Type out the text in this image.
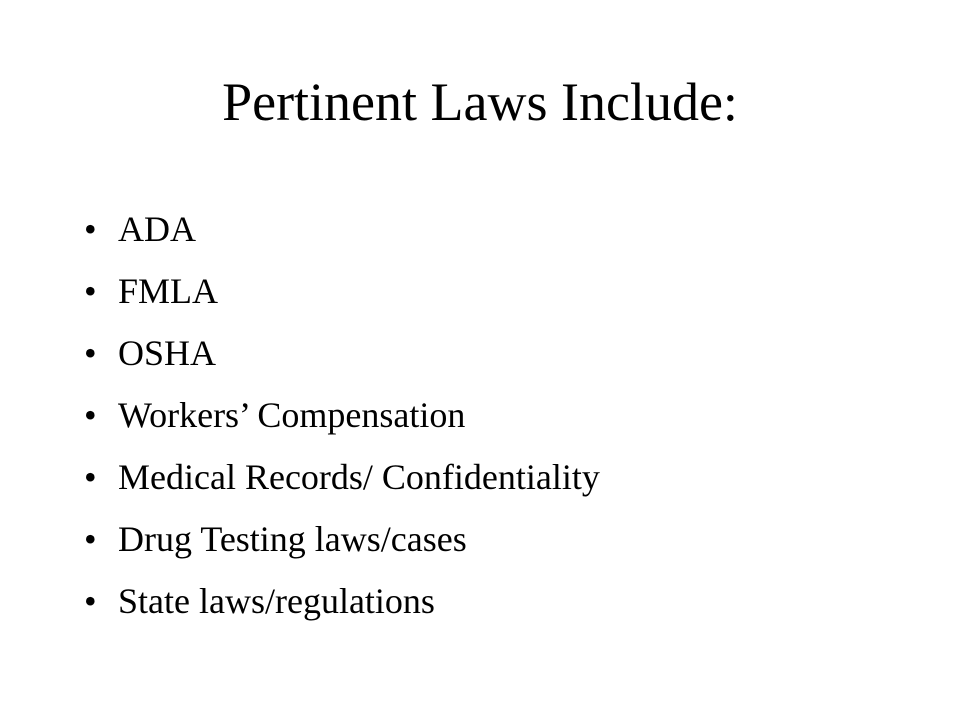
Pertinent Laws Include:
• ADA
• FMLA
• OSHA
• Workers’ Compensation
• Medical Records/ Confidentiality
• Drug Testing laws/cases
• State laws/regulations
